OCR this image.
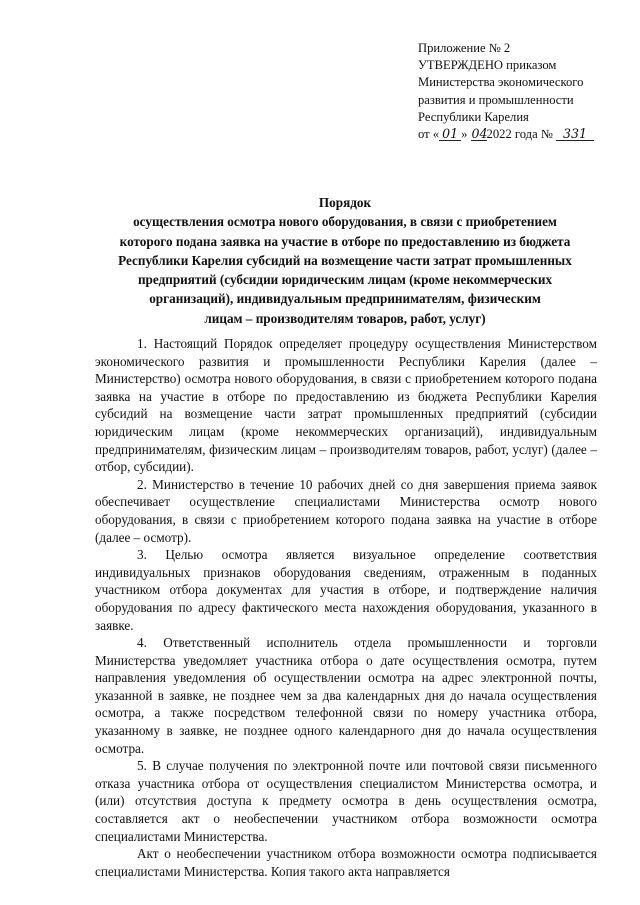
Приложение № 2
УТВЕРЖДЕНО приказом
Министерства экономического
развития и промышленности
Республики Карелия
от « 01 » 042022 года № 331
Порядок
осуществления осмотра нового оборудования, в связи с приобретением
которого подана заявка на участие в отборе по предоставлению из бюджета
Республики Карелия субсидий на возмещение части затрат промышленных
предприятий (субсидии юридическим лицам (кроме некоммерческих
организаций), индивидуальным предпринимателям, физическим
лицам – производителям товаров, работ, услуг)

1. Настоящий Порядок определяет процедуру осуществления Министерством экономического развития и промышленности Республики Карелия (далее – Министерство) осмотра нового оборудования, в связи с приобретением которого подана заявка на участие в отборе по предоставлению из бюджета Республики Карелия субсидий на возмещение части затрат промышленных предприятий (субсидии юридическим лицам (кроме некоммерческих организаций), индивидуальным предпринимателям, физическим лицам – производителям товаров, работ, услуг) (далее – отбор, субсидии).

2. Министерство в течение 10 рабочих дней со дня завершения приема заявок обеспечивает осуществление специалистами Министерства осмотр нового оборудования, в связи с приобретением которого подана заявка на участие в отборе (далее – осмотр).

3. Целью осмотра является визуальное определение соответствия индивидуальных признаков оборудования сведениям, отраженным в поданных участником отбора документах для участия в отборе, и подтверждение наличия оборудования по адресу фактического места нахождения оборудования, указанного в заявке.

4. Ответственный исполнитель отдела промышленности и торговли Министерства уведомляет участника отбора о дате осуществления осмотра, путем направления уведомления об осуществлении осмотра на адрес электронной почты, указанной в заявке, не позднее чем за два календарных дня до начала осуществления осмотра, а также посредством телефонной связи по номеру участника отбора, указанному в заявке, не позднее одного календарного дня до начала осуществления осмотра.

5. В случае получения по электронной почте или почтовой связи письменного отказа участника отбора от осуществления специалистом Министерства осмотра, и (или) отсутствия доступа к предмету осмотра в день осуществления осмотра, составляется акт о необеспечении участником отбора возможности осмотра специалистами Министерства.

Акт о необеспечении участником отбора возможности осмотра подписывается специалистами Министерства. Копия такого акта направляется
